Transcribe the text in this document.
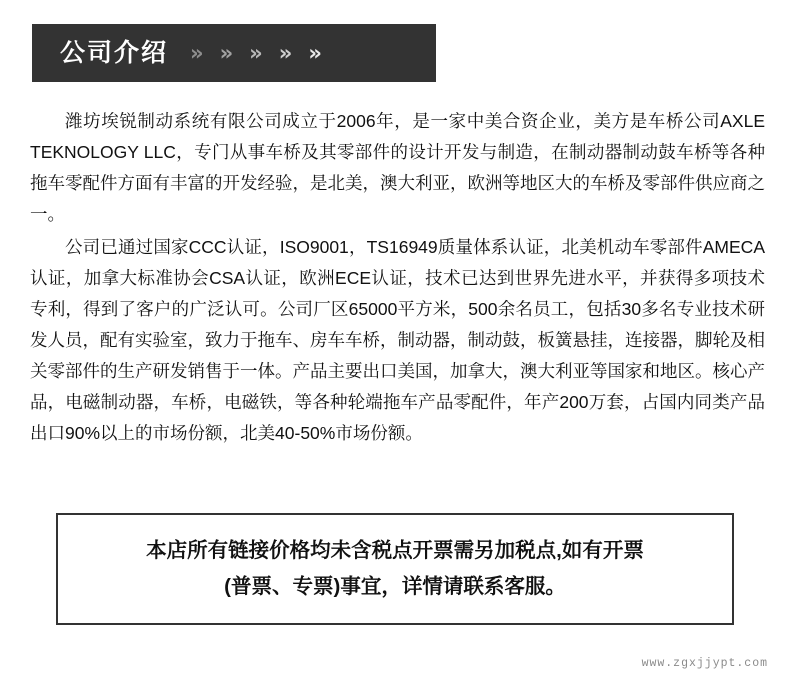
公司介绍 » » » » »

潍坊埃锐制动系统有限公司成立于2006年，是一家中美合资企业，美方是车桥公司AXLE TEKNOLOGY LLC，专门从事车桥及其零部件的设计开发与制造，在制动器制动鼓车桥等各种拖车零配件方面有丰富的开发经验，是北美，澳大利亚，欧洲等地区大的车桥及零部件供应商之一。

公司已通过国家CCC认证，ISO9001，TS16949质量体系认证，北美机动车零部件AMECA认证，加拿大标准协会CSA认证，欧洲ECE认证，技术已达到世界先进水平，并获得多项技术专利，得到了客户的广泛认可。公司厂区65000平方米，500余名员工，包括30多名专业技术研发人员，配有实验室，致力于拖车、房车车桥，制动器，制动鼓，板簧悬挂，连接器，脚轮及相关零部件的生产研发销售于一体。产品主要出口美国，加拿大，澳大利亚等国家和地区。核心产品，电磁制动器，车桥，电磁铁，等各种轮端拖车产品零配件，年产200万套，占国内同类产品出口90%以上的市场份额，北美40-50%市场份额。

本店所有链接价格均未含税点开票需另加税点,如有开票
(普票、专票)事宜，详情请联系客服。
www.zgxjjypt.com
